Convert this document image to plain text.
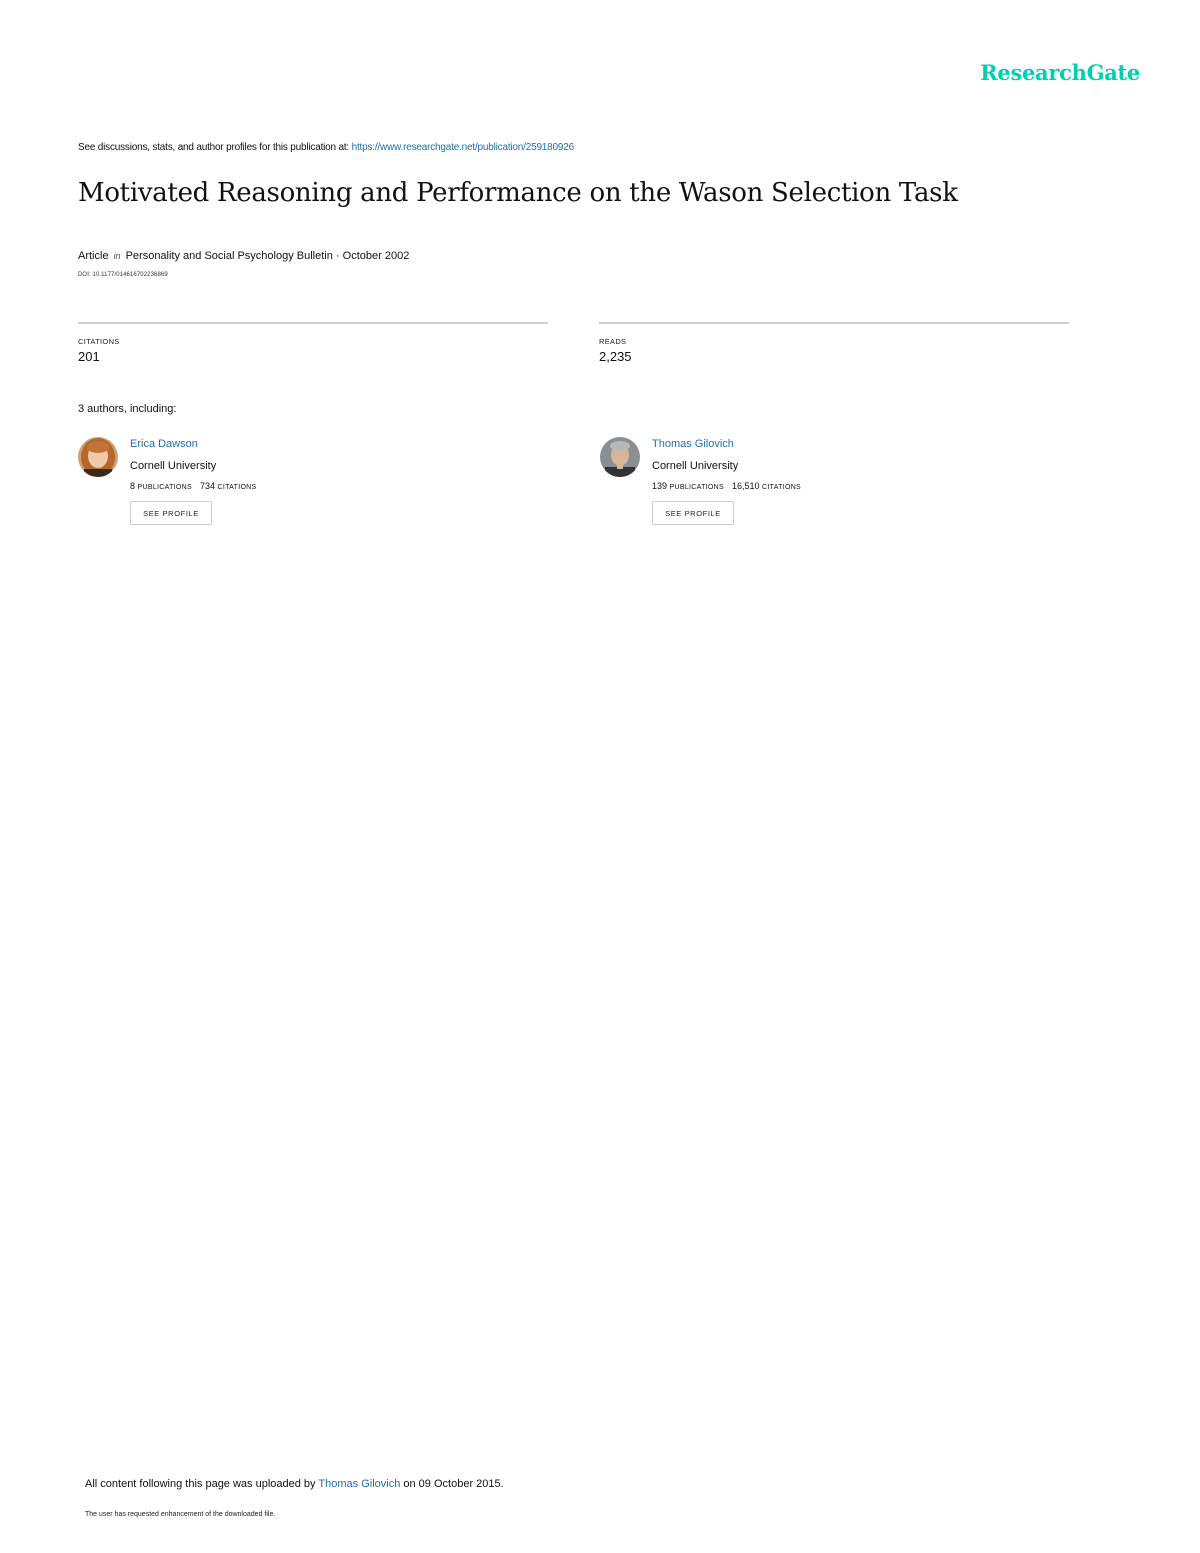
ResearchGate
See discussions, stats, and author profiles for this publication at: https://www.researchgate.net/publication/259180926
Motivated Reasoning and Performance on the Wason Selection Task
Article in Personality and Social Psychology Bulletin · October 2002
DOI: 10.1177/014616702236869
CITATIONS
201
READS
2,235
3 authors, including:
Erica Dawson
Cornell University
8 PUBLICATIONS 734 CITATIONS
SEE PROFILE
Thomas Gilovich
Cornell University
139 PUBLICATIONS 16,510 CITATIONS
SEE PROFILE
All content following this page was uploaded by Thomas Gilovich on 09 October 2015.
The user has requested enhancement of the downloaded file.
